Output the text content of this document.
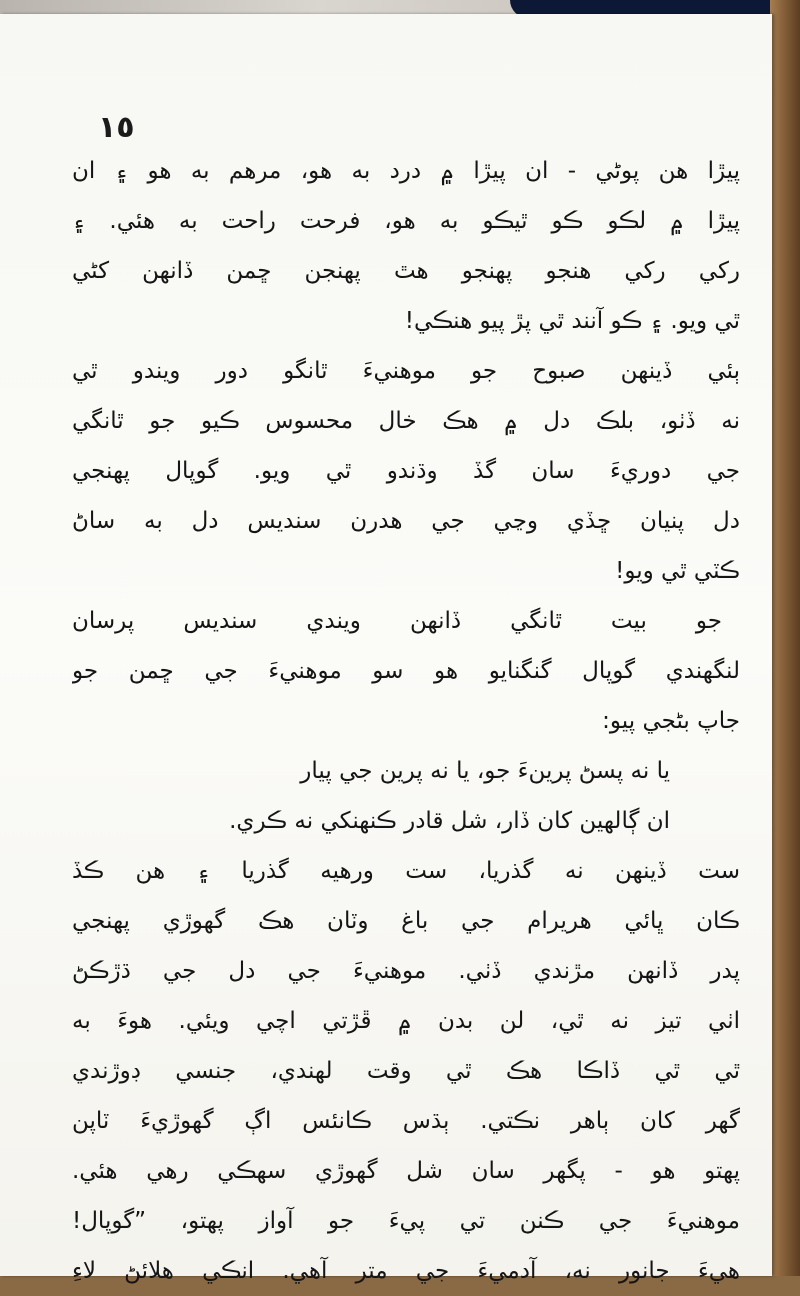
١٥
پيڙا ھن پوڻي - ان پيڙا ۾ درد به ھو، مرھم به ھو ۽ ان
پيڙا ۾ لڪو ڪو ٿيڪو به ھو، فرحت راحت به ھئي. ۽
رکي رکي ھنجو پھنجو ھٿ پھنجن ڇمن ڏانھن کڻي
ٿي ويو. ۽ ڪو آنند ٿي پڙ پيو ھنڪي!
ٻئي ڏينھن صبوح جو موھنيءَ ٿانگو دور ويندو ٿي
نه ڏٺو، بلڪ دل ۾ ھڪ خال محسوس ڪيو جو ٿانگي
جي دوريءَ سان گڏ وڌندو ٿي ويو. گوپال پھنجي
دل پنيان ڇڏي وڃي جي ھدرن سنديس دل به ساڻ
ڪٽي ٿي ويو!
جو بيت ٿانگي ڏانھن ويندي سنديس پرسان
لنگھندي گوپال گنگنايو ھو سو موھنيءَ جي ڇمن جو
جاپ بڻجي پيو:
يا نه پسڻ پرينءَ جو، يا نه پرين جي پيار
ان ڳالھين کان ڏار، شل قادر ڪنھنکي نه ڪري.
ست ڏينھن نه گذريا، ست ورھيه گذريا ۽ ھن ڪڏ
ڪان ڀائي ھريرام جي باغ وٽان ھڪ گھوڙي پھنجي
پدر ڏانھن مڙندي ڏٺي. موھنيءَ جي دل جي ڌڙڪڻ
اٺي تيز نه ٿي، لن بدن ۾ ڦڙتي اچي ويئي. ھوءَ به
ٿي ٿي ڏاڪا ھڪ ٿي وقت لھندي، جنسي ڊوڙندي
گھر کان ٻاھر نڪتي. ٻڌس ڪانئس اڳ گھوڙيءَ ٽاپن
پھتو ھو - پگھر سان شل گھوڙي سھڪي رھي ھئي.
موھنيءَ جي ڪنن تي پيءَ جو آواز پھتو، ”گوپال!
ھيءَ جانور نه، آدميءَ جي متر آھي. انڪي ھلائڻ لاءِ
